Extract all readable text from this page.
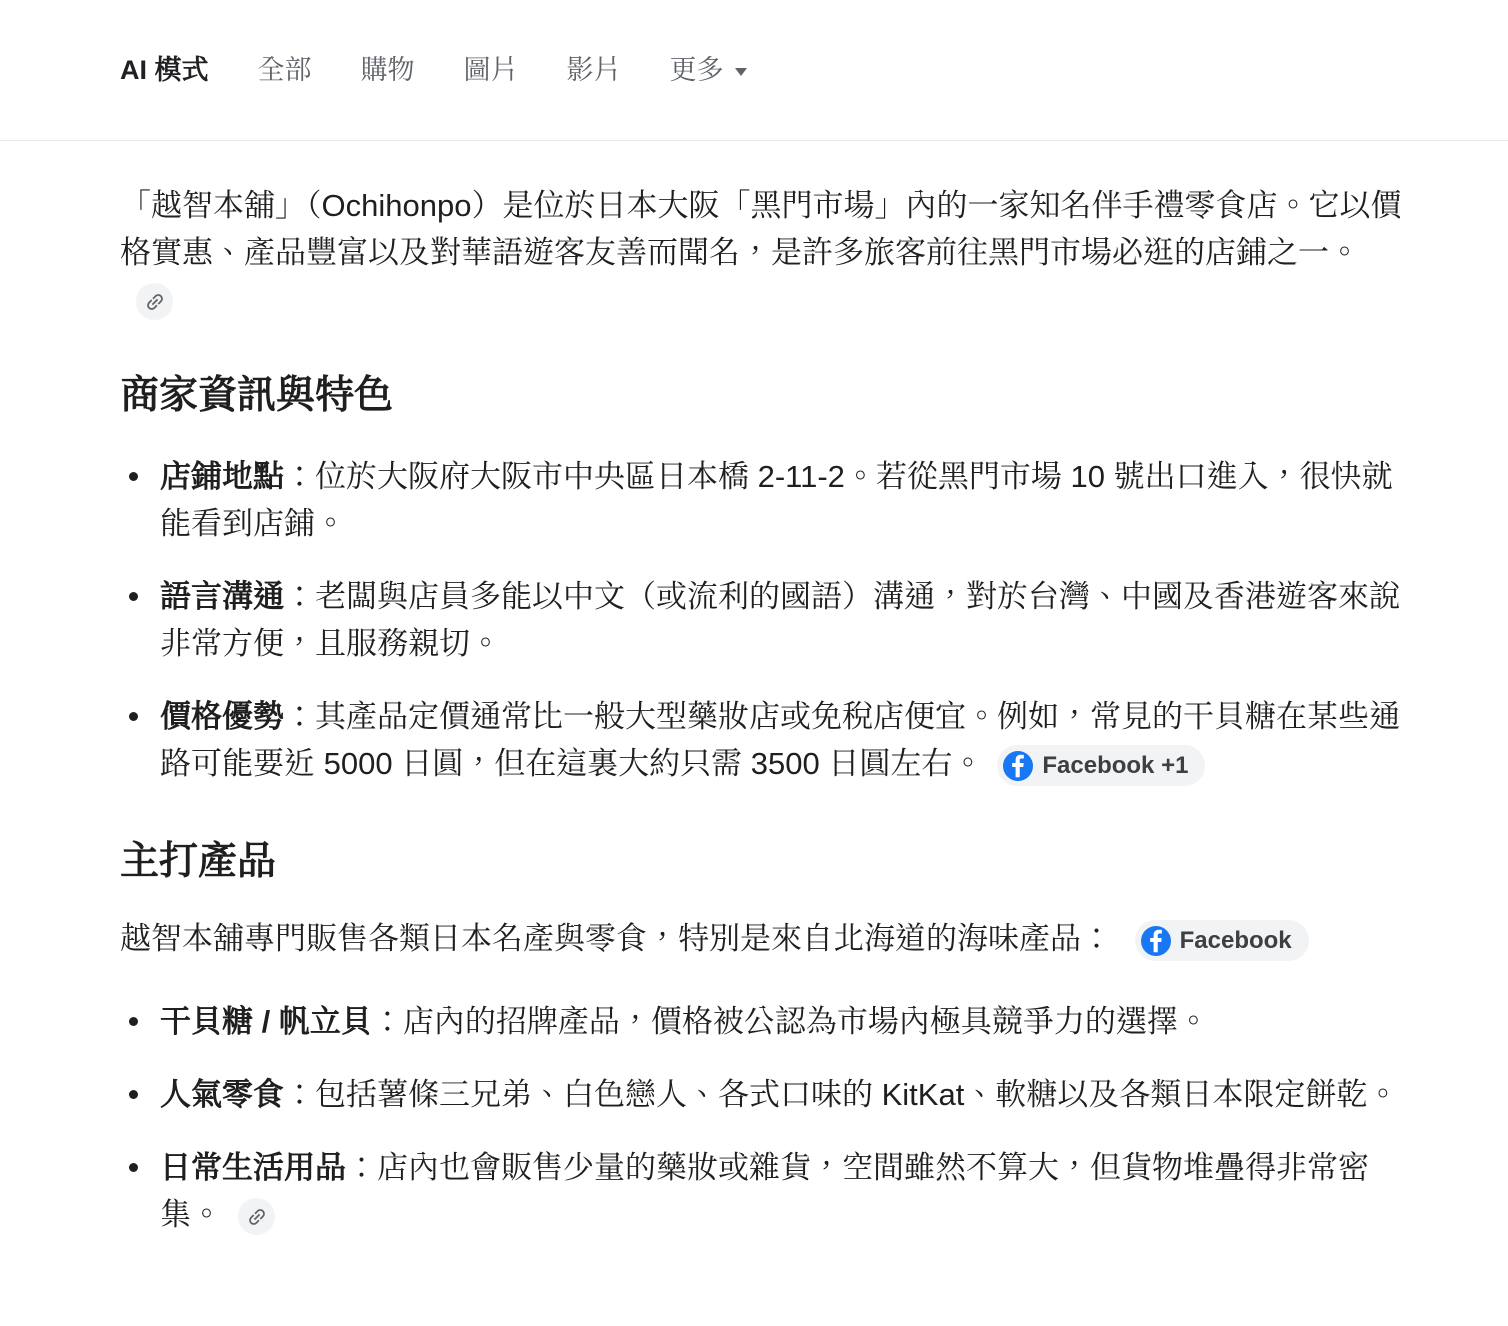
AI 模式 全部 購物 圖片 影片 更多

「越智本舖」（Ochihonpo）是位於日本大阪「黑門市場」內的一家知名伴手禮零食店。它以價格實惠、產品豐富以及對華語遊客友善而聞名，是許多旅客前往黑門市場必逛的店鋪之一。

商家資訊與特色
店鋪地點：位於大阪府大阪市中央區日本橋 2-11-2。若從黑門市場 10 號出口進入，很快就能看到店鋪。
語言溝通：老闆與店員多能以中文（或流利的國語）溝通，對於台灣、中國及香港遊客來說非常方便，且服務親切。
價格優勢：其產品定價通常比一般大型藥妝店或免稅店便宜。例如，常見的干貝糖在某些通路可能要近 5000 日圓，但在這裏大約只需 3500 日圓左右。 Facebook +1
主打產品

越智本舖專門販售各類日本名產與零食，特別是來自北海道的海味產品：	Facebook

干貝糖 / 帆立貝：店內的招牌產品，價格被公認為市場內極具競爭力的選擇。
人氣零食：包括薯條三兄弟、白色戀人、各式口味的 KitKat、軟糖以及各類日本限定餅乾。
日常生活用品：店內也會販售少量的藥妝或雜貨，空間雖然不算大，但貨物堆疊得非常密集。
